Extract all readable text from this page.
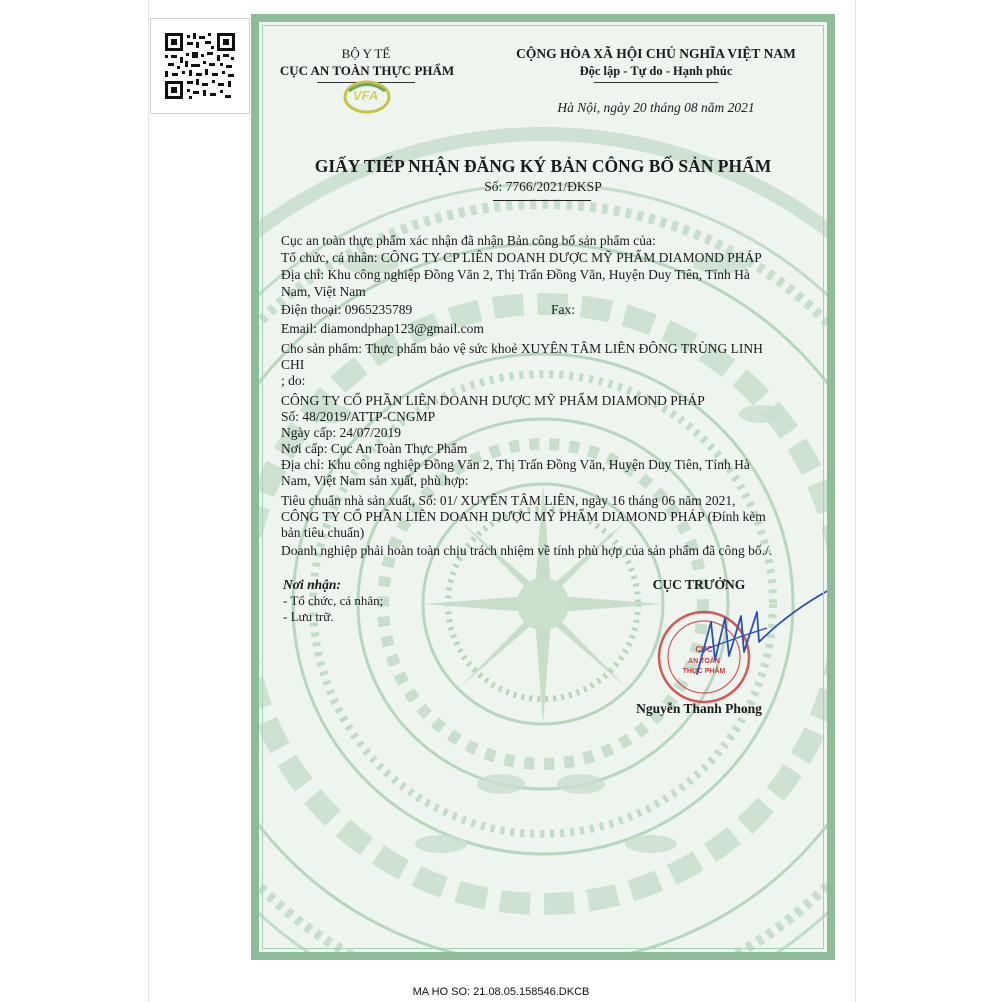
BỘ Y TẾ
CỤC AN TOÀN THỰC PHẨM
VFA
CỘNG HÒA XÃ HỘI CHỦ NGHĨA VIỆT NAM
Độc lập - Tự do - Hạnh phúc
Hà Nội, ngày 20 tháng 08 năm 2021
GIẤY TIẾP NHẬN ĐĂNG KÝ BẢN CÔNG BỐ SẢN PHẨM
Số: 7766/2021/ĐKSP
Cục an toàn thực phẩm xác nhận đã nhận Bản công bố sản phẩm của:
Tổ chức, cá nhân: CÔNG TY CP LIÊN DOANH DƯỢC MỸ PHẨM DIAMOND PHÁP
Địa chỉ: Khu công nghiệp Đồng Văn 2, Thị Trấn Đồng Văn, Huyện Duy Tiên, Tỉnh Hà
Nam, Việt Nam
Điện thoại: 0965235789	Fax:
Email: diamondphap123@gmail.com
Cho sản phẩm: Thực phẩm bảo vệ sức khoẻ XUYÊN TÂM LIÊN ĐÔNG TRÙNG LINH
CHI
; do:
CÔNG TY CỔ PHẦN LIÊN DOANH DƯỢC MỸ PHẨM DIAMOND PHÁP
Số: 48/2019/ATTP-CNGMP
Ngày cấp: 24/07/2019
Nơi cấp: Cục An Toàn Thực Phẩm
Địa chỉ: Khu công nghiệp Đồng Văn 2, Thị Trấn Đồng Văn, Huyện Duy Tiên, Tỉnh Hà
Nam, Việt Nam sản xuất, phù hợp:
Tiêu chuẩn nhà sản xuất, Số: 01/ XUYÊN TÂM LIÊN, ngày 16 tháng 06 năm 2021,
CÔNG TY CỔ PHẦN LIÊN DOANH DƯỢC MỸ PHẨM DIAMOND PHÁP (Đính kèm
bản tiêu chuẩn)
Doanh nghiệp phải hoàn toàn chịu trách nhiệm về tính phù hợp của sản phẩm đã công bố./.
Nơi nhận:
- Tổ chức, cá nhân;
- Lưu trữ.
CỤC TRƯỞNG
CỤC
AN TOÀN
THỰC PHẨM
Nguyễn Thanh Phong
MA HO SO: 21.08.05.158546.DKCB
